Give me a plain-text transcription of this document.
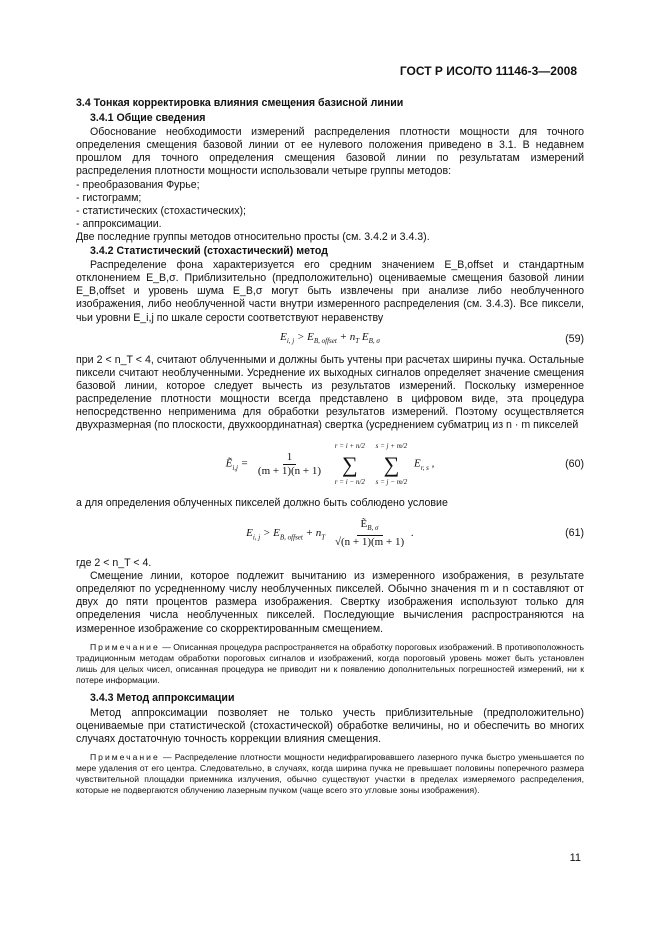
ГОСТ Р ИСО/ТО 11146-3—2008
3.4 Тонкая корректировка влияния смещения базисной линии
3.4.1 Общие сведения

Обоснование необходимости измерений распределения плотности мощности для точного определения смещения базовой линии от ее нулевого положения приведено в 3.1. В недавнем прошлом для точного определения смещения базовой линии по результатам измерений распределения плотности мощности использовали четыре группы методов:

- преобразования Фурье;
- гистограмм;
- статистических (стохастических);
- аппроксимации.

Две последние группы методов относительно просты (см. 3.4.2 и 3.4.3).

3.4.2 Статистический (стохастический) метод

Распределение фона характеризуется его средним значением E_B,offset и стандартным отклонением E_B,σ. Приблизительно (предположительно) оцениваемые смещения базовой линии E_B,offset и уровень шума E_B,σ могут быть извлечены при анализе либо необлученного изображения, либо необлученной части внутри измеренного распределения (см. 3.4.3). Все пиксели, чьи уровни E_i,j по шкале серости соответствуют неравенству

$E_{i, j} > E_{B, offset} + n_T$ $E_{B, \sigma}$	(59)

при 2 < n_T < 4, считают облученными и должны быть учтены при расчетах ширины пучка. Остальные пиксели считают необлученными. Усреднение их выходных сигналов определяет значение смещения базовой линии, которое следует вычесть из результатов измерений. Поскольку измеренное распределение плотности мощности всегда представлено в цифровом виде, эта процедура непосредственно неприменима для обработки результатов измерений. Поэтому осуществляется двухразмерная (по плоскости, двухкоординатная) свертка (усреднением субматриц из n · m пикселей

Ẽ$_{i,j}$ = $\frac{1}{(m + 1)(n + 1)}$

r = i + n/2
∑
r = i − n/2

s = j + m/2
∑
s = j − m/2
$E_{r, s}$ ,	(60)

а для определения облученных пикселей должно быть соблюдено условие

$E_{i, j} > E_{B, offset} + n_T \frac{Ẽ_{B, \sigma}}{√(n + 1)(m + 1)}$ .	(61)

где 2 < n_T < 4.

Смещение линии, которое подлежит вычитанию из измеренного изображения, в результате определяют по усредненному числу необлученных пикселей. Обычно значения m и n составляют от двух до пяти процентов размера изображения. Свертку изображения используют только для определения числа необлученных пикселей. Последующие вычисления распространяются на измеренное изображение со скорректированным смещением.

Примечание — Описанная процедура распространяется на обработку пороговых изображений. В противоположность традиционным методам обработки пороговых сигналов и изображений, когда пороговый уровень может быть установлен лишь для целых чисел, описанная процедура не приводит ни к появлению дополнительных погрешностей измерений, ни к потере информации.
3.4.3 Метод аппроксимации

Метод аппроксимации позволяет не только учесть приблизительные (предположительно) оцениваемые при статистической (стохастической) обработке величины, но и обеспечить во многих случаях достаточную точность коррекции влияния смещения.

Примечание — Распределение плотности мощности недифрагировавшего лазерного пучка быстро уменьшается по мере удаления от его центра. Следовательно, в случаях, когда ширина пучка не превышает половины поперечного размера чувствительной площадки приемника излучения, обычно существуют участки в пределах измеряемого распределения, которые не подвергаются облучению лазерным пучком (чаще всего это угловые зоны изображения).
11
